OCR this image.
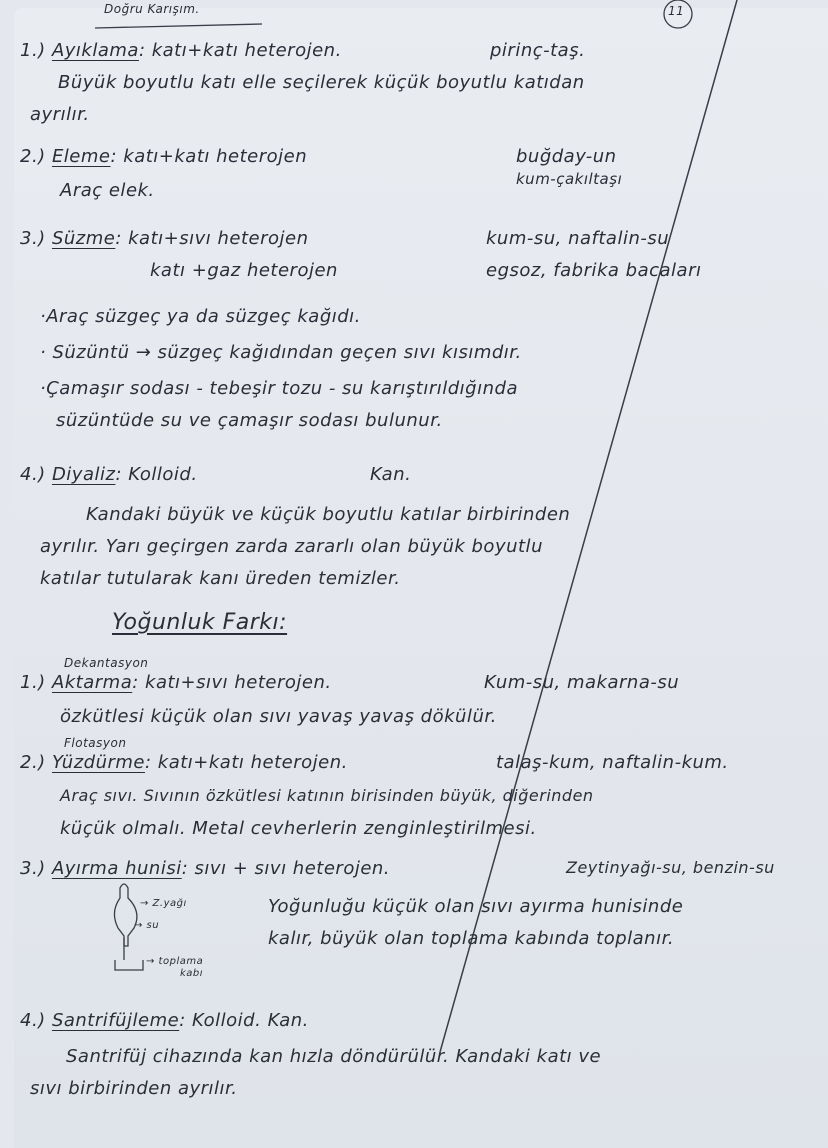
Doğru Karışım.	11
1.) Ayıklama: katı+katı heterojen.	pirinç-taş.
Büyük boyutlu katı elle seçilerek küçük boyutlu katıdan
ayrılır.
2.) Eleme: katı+katı heterojen	buğday-un
kum-çakıltaşı
Araç elek.
3.) Süzme: katı+sıvı heterojen	kum-su, naftalin-su
katı +gaz heterojen	egsoz, fabrika bacaları
·Araç süzgeç ya da süzgeç kağıdı.
· Süzüntü → süzgeç kağıdından geçen sıvı kısımdır.
·Çamaşır sodası - tebeşir tozu - su karıştırıldığında
süzüntüde su ve çamaşır sodası bulunur.
4.) Diyaliz: Kolloid.	Kan.
Kandaki büyük ve küçük boyutlu katılar birbirinden
ayrılır. Yarı geçirgen zarda zararlı olan büyük boyutlu
katılar tutularak kanı üreden temizler.
Yoğunluk Farkı:
Dekantasyon
1.) Aktarma: katı+sıvı heterojen.	Kum-su, makarna-su
özkütlesi küçük olan sıvı yavaş yavaş dökülür.
Flotasyon
2.) Yüzdürme: katı+katı heterojen.	talaş-kum, naftalin-kum.
Araç sıvı. Sıvının özkütlesi katının birisinden büyük, diğerinden
küçük olmalı. Metal cevherlerin zenginleştirilmesi.
3.) Ayırma hunisi: sıvı + sıvı heterojen.	Zeytinyağı-su, benzin-su
→ Z.yağı
→ su
→ toplama
kabı
Yoğunluğu küçük olan sıvı ayırma hunisinde
kalır, büyük olan toplama kabında toplanır.
4.) Santrifüjleme: Kolloid. Kan.
Santrifüj cihazında kan hızla döndürülür. Kandaki katı ve
sıvı birbirinden ayrılır.
